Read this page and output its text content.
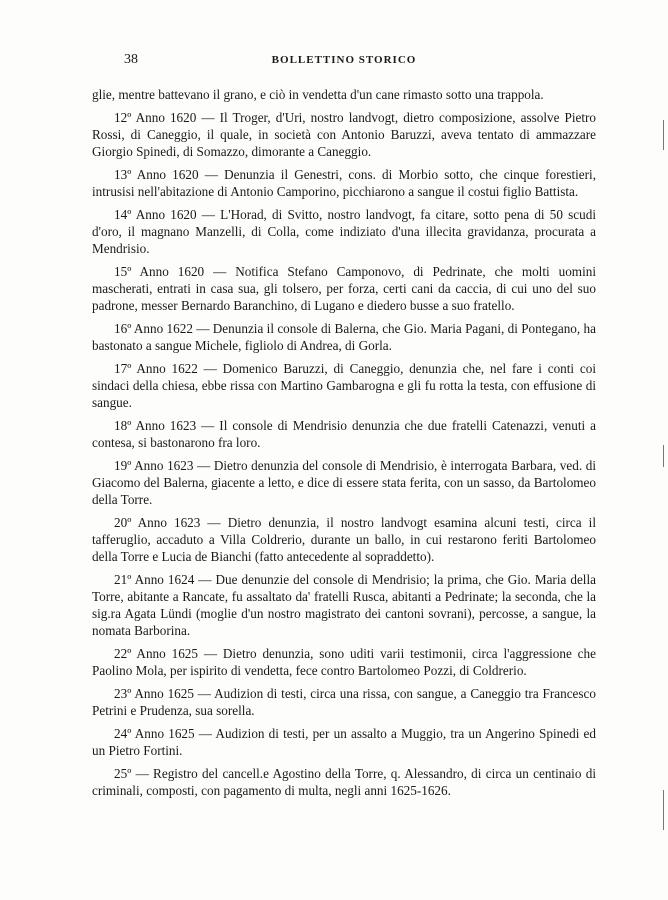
38	BOLLETTINO STORICO

glie, mentre battevano il grano, e ciò in vendetta d'un cane rimasto sotto una trappola.

12º Anno 1620 — Il Troger, d'Uri, nostro landvogt, dietro composizione, assolve Pietro Rossi, di Caneggio, il quale, in società con Antonio Baruzzi, aveva tentato di ammazzare Giorgio Spinedi, di Somazzo, dimorante a Caneggio.

13º Anno 1620 — Denunzia il Genestri, cons. di Morbio sotto, che cinque forestieri, intrusisi nell'abitazione di Antonio Camporino, picchiarono a sangue il costui figlio Battista.

14º Anno 1620 — L'Horad, di Svitto, nostro landvogt, fa citare, sotto pena di 50 scudi d'oro, il magnano Manzelli, di Colla, come indiziato d'una illecita gravidanza, procurata a Mendrisio.

15º Anno 1620 — Notifica Stefano Camponovo, di Pedrinate, che molti uomini mascherati, entrati in casa sua, gli tolsero, per forza, certi cani da caccia, di cui uno del suo padrone, messer Bernardo Baranchino, di Lugano e diedero busse a suo fratello.

16º Anno 1622 — Denunzia il console di Balerna, che Gio. Maria Pagani, di Pontegano, ha bastonato a sangue Michele, figliolo di Andrea, di Gorla.

17º Anno 1622 — Domenico Baruzzi, di Caneggio, denunzia che, nel fare i conti coi sindaci della chiesa, ebbe rissa con Martino Gambarogna e gli fu rotta la testa, con effusione di sangue.

18º Anno 1623 — Il console di Mendrisio denunzia che due fratelli Catenazzi, venuti a contesa, si bastonarono fra loro.

19º Anno 1623 — Dietro denunzia del console di Mendrisio, è interrogata Barbara, ved. di Giacomo del Balerna, giacente a letto, e dice di essere stata ferita, con un sasso, da Bartolomeo della Torre.

20º Anno 1623 — Dietro denunzia, il nostro landvogt esamina alcuni testi, circa il tafferuglio, accaduto a Villa Coldrerio, durante un ballo, in cui restarono feriti Bartolomeo della Torre e Lucia de Bianchi (fatto antecedente al sopraddetto).

21º Anno 1624 — Due denunzie del console di Mendrisio; la prima, che Gio. Maria della Torre, abitante a Rancate, fu assaltato da' fratelli Rusca, abitanti a Pedrinate; la seconda, che la sig.ra Agata Lündi (moglie d'un nostro magistrato dei cantoni sovrani), percosse, a sangue, la nomata Barborina.

22º Anno 1625 — Dietro denunzia, sono uditi varii testimonii, circa l'aggressione che Paolino Mola, per ispirito di vendetta, fece contro Bartolomeo Pozzi, di Coldrerio.

23º Anno 1625 — Audizion di testi, circa una rissa, con sangue, a Caneggio tra Francesco Petrini e Prudenza, sua sorella.

24º Anno 1625 — Audizion di testi, per un assalto a Muggio, tra un Angerino Spinedi ed un Pietro Fortini.

25º — Registro del cancell.e Agostino della Torre, q. Alessandro, di circa un centinaio di criminali, composti, con pagamento di multa, negli anni 1625-1626.
